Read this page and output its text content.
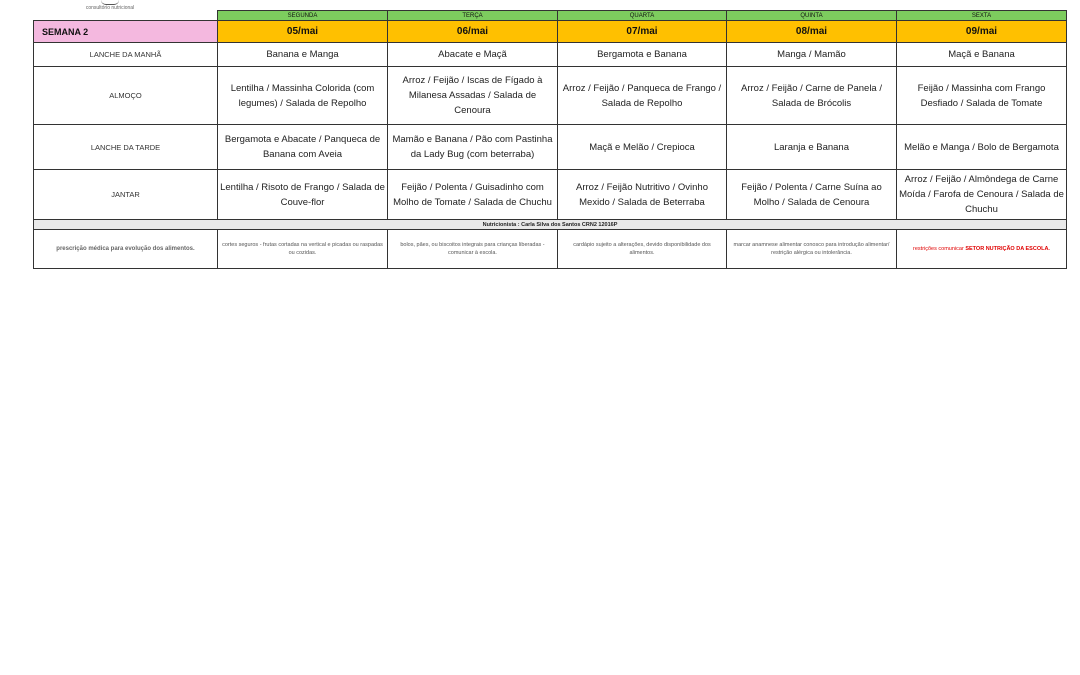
consultório nutricional
	SEGUNDA	TERÇA	QUARTA	QUINTA	SEXTA
SEMANA 2	05/mai	06/mai	07/mai	08/mai	09/mai
LANCHE DA MANHÃ	Banana e Manga	Abacate e Maçã	Bergamota e Banana	Manga / Mamão	Maçã e Banana
ALMOÇO	Lentilha / Massinha Colorida (com legumes) / Salada de Repolho	Arroz / Feijão / Iscas de Fígado à Milanesa Assadas / Salada de Cenoura	Arroz / Feijão / Panqueca de Frango / Salada de Repolho	Arroz / Feijão / Carne de Panela / Salada de Brócolis	Feijão / Massinha com Frango Desfiado / Salada de Tomate
LANCHE DA TARDE	Bergamota e Abacate / Panqueca de Banana com Aveia	Mamão e Banana / Pão com Pastinha da Lady Bug (com beterraba)	Maçã e Melão / Crepioca	Laranja e Banana	Melão e Manga / Bolo de Bergamota
JANTAR	Lentilha / Risoto de Frango / Salada de Couve-flor	Feijão / Polenta / Guisadinho com Molho de Tomate / Salada de Chuchu	Arroz / Feijão Nutritivo / Ovinho Mexido / Salada de Beterraba	Feijão / Polenta / Carne Suína ao Molho / Salada de Cenoura	Arroz / Feijão / Almôndega de Carne Moída / Farofa de Cenoura / Salada de Chuchu
Nutricionista : Carla Silva dos Santos CRN2 12016P					
prescrição médica para evolução dos alimentos.	cortes seguros - frutas cortadas na vertical e picadas ou raspadas ou cozidas.	bolos, pães, ou biscoitos integrais para crianças liberadas - comunicar à escola.	cardápio sujeito a alterações, devido disponibilidade dos alimentos.	marcar anamnese alimentar conosco para introdução alimentar/ restrição alérgica ou intolerância.	restrições comunicar SETOR NUTRIÇÃO DA ESCOLA.
